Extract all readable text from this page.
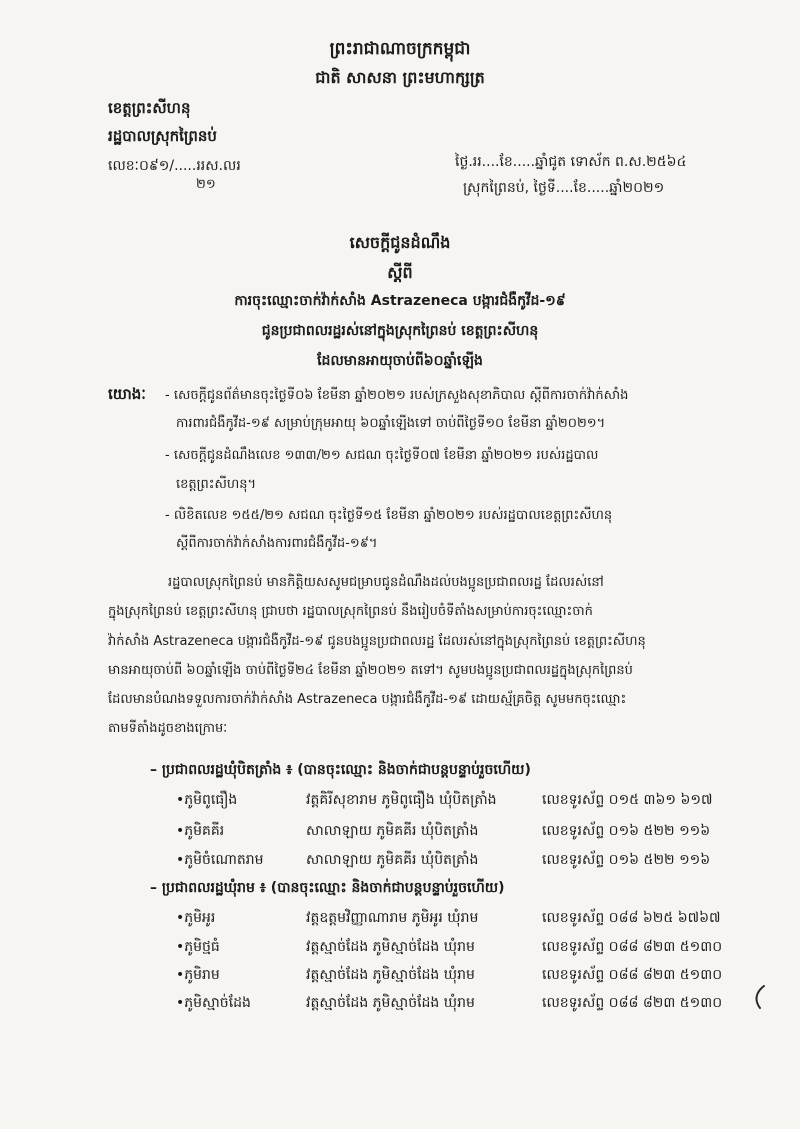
ព្រះរាជាណាចក្រកម្ពុជា
ជាតិ សាសនា ព្រះមហាក្សត្រ
ខេត្តព្រះសីហនុ
រដ្ឋបាលស្រុកព្រៃនប់
លេខៈ០៩១/.....ររស.លរ
២១
ថ្ងៃ.ររ....ខែ.....ឆ្នាំជូត ទោស័ក ព.ស.២៥៦៤
ស្រុកព្រៃនប់, ថ្ងៃទី....ខែ.....ឆ្នាំ២០២១
សេចក្ដីជូនដំណឹង
ស្ដីពី
ការចុះឈ្មោះចាក់វ៉ាក់សាំង Astrazeneca បង្ការជំងឺកូវីដ-១៩
ជូនប្រជាពលរដ្ឋរស់នៅក្នុងស្រុកព្រៃនប់ ខេត្តព្រះសីហនុ
ដែលមានអាយុចាប់ពី៦០ឆ្នាំឡើង
យោងៈ - សេចក្ដីជូនព័ត៌មានចុះថ្ងៃទី០៦ ខែមីនា ឆ្នាំ២០២១ របស់ក្រសួងសុខាភិបាល ស្ដីពីការចាក់វ៉ាក់សាំង
ការពារជំងឺកូវីដ-១៩ សម្រាប់ក្រុមអាយុ ៦០ឆ្នាំឡើងទៅ ចាប់ពីថ្ងៃទី១០ ខែមីនា ឆ្នាំ២០២១។
- សេចក្ដីជូនដំណឹងលេខ ១៣៣/២១ សជណ ចុះថ្ងៃទី០៧ ខែមីនា ឆ្នាំ២០២១ របស់រដ្ឋបាល
ខេត្តព្រះសីហនុ។
- លិខិតលេខ ១៥៥/២១ សជណ ចុះថ្ងៃទី១៥ ខែមីនា ឆ្នាំ២០២១ របស់រដ្ឋបាលខេត្តព្រះសីហនុ
ស្ដីពីការចាក់វ៉ាក់សាំងការពារជំងឺកូវីដ-១៩។
រដ្ឋបាលស្រុកព្រៃនប់ មានកិត្តិយសសូមជម្រាបជូនដំណឹងដល់បងប្អូនប្រជាពលរដ្ឋ ដែលរស់នៅ
ក្នុងស្រុកព្រៃនប់ ខេត្តព្រះសីហនុ ជ្រាបថា រដ្ឋបាលស្រុកព្រៃនប់ នឹងរៀបចំទីតាំងសម្រាប់ការចុះឈ្មោះចាក់
វ៉ាក់សាំង Astrazeneca បង្ការជំងឺកូវីដ-១៩ ជូនបងប្អូនប្រជាពលរដ្ឋ ដែលរស់នៅក្នុងស្រុកព្រៃនប់ ខេត្តព្រះសីហនុ
មានអាយុចាប់ពី ៦០ឆ្នាំឡើង ចាប់ពីថ្ងៃទី២៤ ខែមីនា ឆ្នាំ២០២១ តទៅ។ សូមបងប្អូនប្រជាពលរដ្ឋក្នុងស្រុកព្រៃនប់
ដែលមានបំណងទទួលការចាក់វ៉ាក់សាំង Astrazeneca បង្ការជំងឺកូវីដ-១៩ ដោយស្ម័គ្រចិត្ត សូមមកចុះឈ្មោះ
តាមទីតាំងដូចខាងក្រោមៈ
– ប្រជាពលរដ្ឋឃុំបិតត្រាំង ៖ (បានចុះឈ្មោះ និងចាក់ជាបន្តបន្ទាប់រួចហើយ)
•ភូមិពូធឿង	វត្តគិរីសុខារាម ភូមិពូធឿង ឃុំបិតត្រាំង	លេខទូរស័ព្ទ ០១៥ ៣៦១ ៦១៧
•ភូមិគគីរ	សាលាឡាយ ភូមិគគីរ ឃុំបិតត្រាំង	លេខទូរស័ព្ទ ០១៦ ៥២២ ១១៦
•ភូមិចំណោតរាម	សាលាឡាយ ភូមិគគីរ ឃុំបិតត្រាំង	លេខទូរស័ព្ទ ០១៦ ៥២២ ១១៦
– ប្រជាពលរដ្ឋឃុំរាម ៖ (បានចុះឈ្មោះ និងចាក់ជាបន្តបន្ទាប់រួចហើយ)
•ភូមិអូរ	វត្តឧត្តមវិញ្ញាណារាម ភូមិអូរ ឃុំរាម	លេខទូរស័ព្ទ ០៨៨ ៦២៥ ៦៧៦៧
•ភូមិថ្មធំ	វត្តស្មាច់ដែង ភូមិស្មាច់ដែង ឃុំរាម	លេខទូរស័ព្ទ ០៨៨ ៨២៣ ៥១៣០
•ភូមិរាម	វត្តស្មាច់ដែង ភូមិស្មាច់ដែង ឃុំរាម	លេខទូរស័ព្ទ ០៨៨ ៨២៣ ៥១៣០
•ភូមិស្មាច់ដែង	វត្តស្មាច់ដែង ភូមិស្មាច់ដែង ឃុំរាម	លេខទូរស័ព្ទ ០៨៨ ៨២៣ ៥១៣០
